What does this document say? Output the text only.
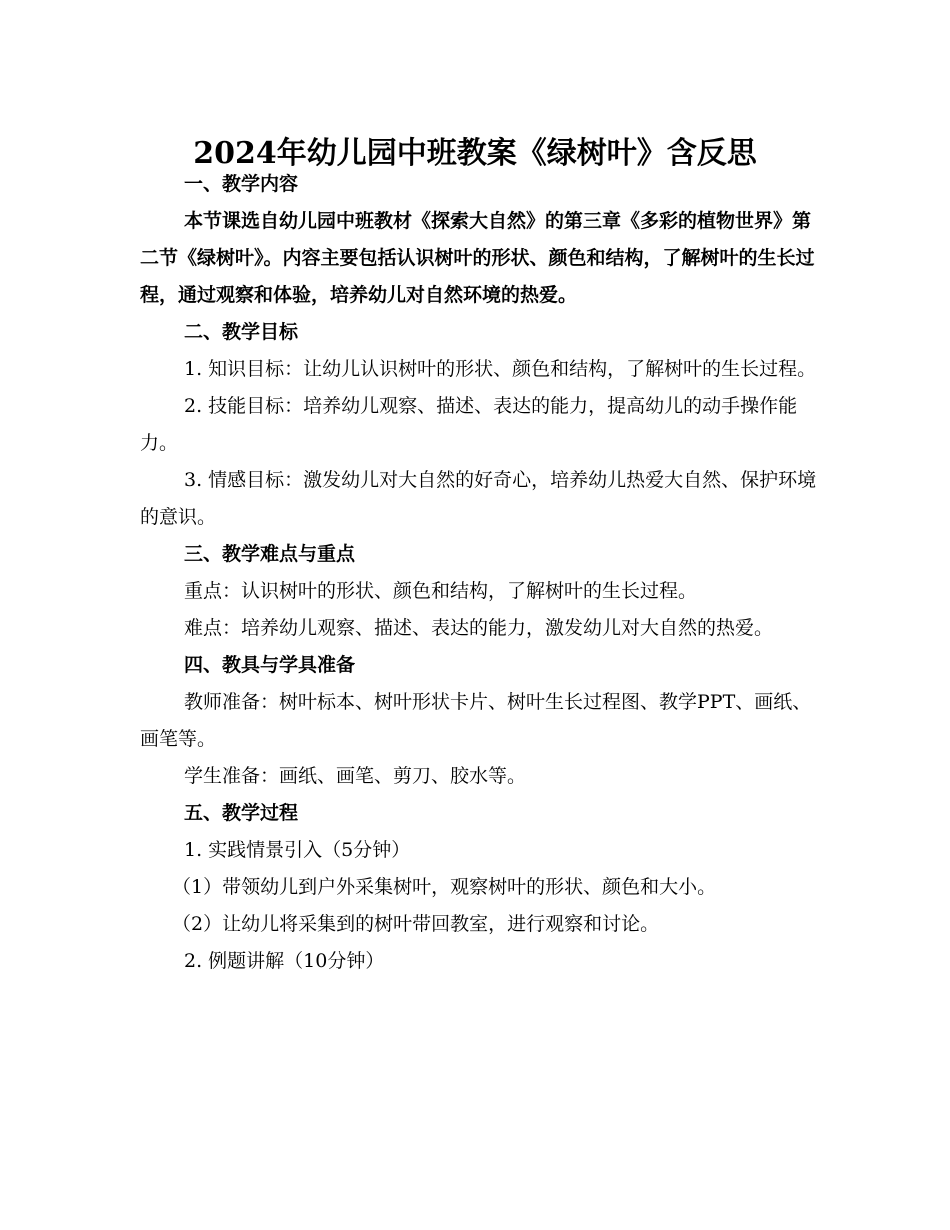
2024年幼儿园中班教案《绿树叶》含反思

一、教学内容

本节课选自幼儿园中班教材《探索大自然》的第三章《多彩的植物世界》第二节《绿树叶》。内容主要包括认识树叶的形状、颜色和结构，了解树叶的生长过程，通过观察和体验，培养幼儿对自然环境的热爱。

二、教学目标

1. 知识目标：让幼儿认识树叶的形状、颜色和结构，了解树叶的生长过程。

2. 技能目标：培养幼儿观察、描述、表达的能力，提高幼儿的动手操作能力。

3. 情感目标：激发幼儿对大自然的好奇心，培养幼儿热爱大自然、保护环境的意识。

三、教学难点与重点

重点：认识树叶的形状、颜色和结构，了解树叶的生长过程。

难点：培养幼儿观察、描述、表达的能力，激发幼儿对大自然的热爱。

四、教具与学具准备

教师准备：树叶标本、树叶形状卡片、树叶生长过程图、教学PPT、画纸、画笔等。

学生准备：画纸、画笔、剪刀、胶水等。

五、教学过程

1. 实践情景引入（5分钟）

（1）带领幼儿到户外采集树叶，观察树叶的形状、颜色和大小。

（2）让幼儿将采集到的树叶带回教室，进行观察和讨论。

2. 例题讲解（10分钟）
